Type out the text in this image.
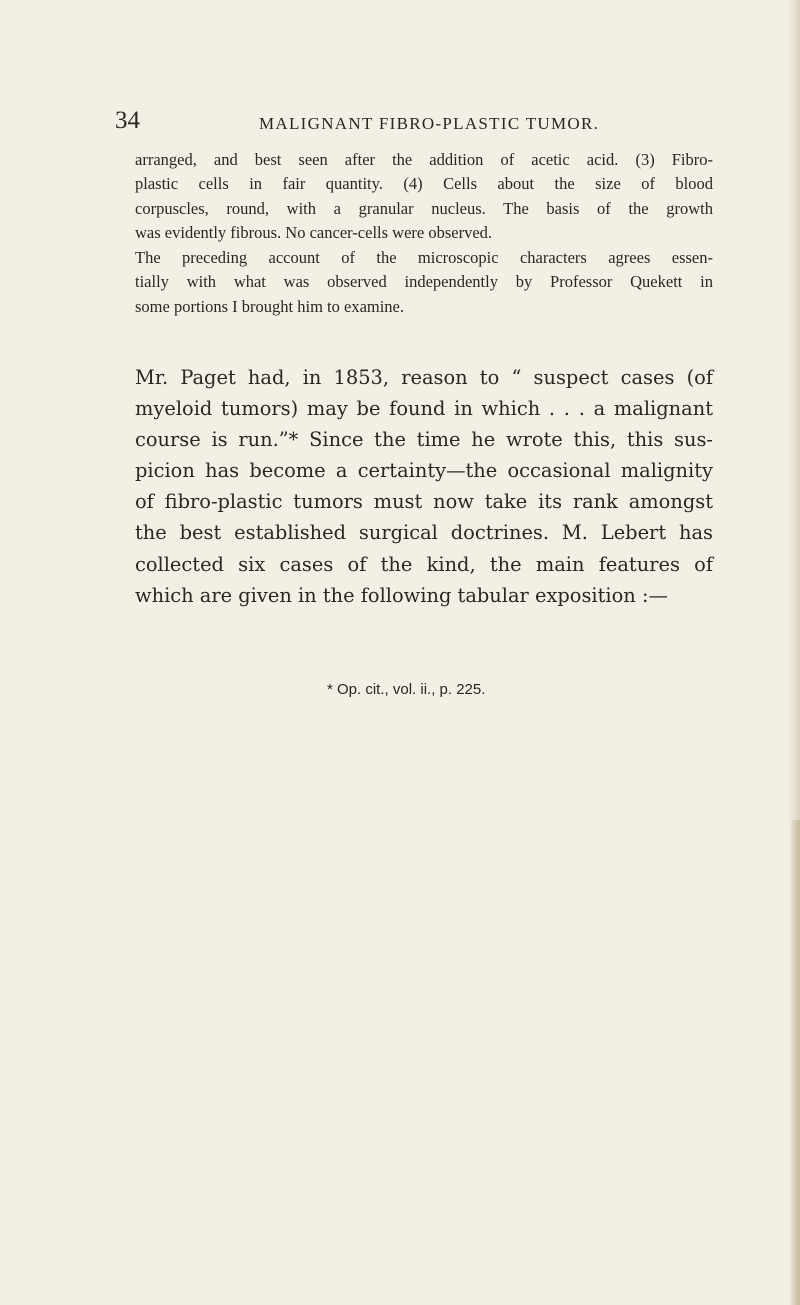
34	MALIGNANT FIBRO-PLASTIC TUMOR.
arranged, and best seen after the addition of acetic acid. (3) Fibro-
plastic cells in fair quantity. (4) Cells about the size of blood
corpuscles, round, with a granular nucleus. The basis of the growth
was evidently fibrous. No cancer-cells were observed.
The preceding account of the microscopic characters agrees essen-
tially with what was observed independently by Professor Quekett in
some portions I brought him to examine.
Mr. Paget had, in 1853, reason to “ suspect cases (of
myeloid tumors) may be found in which . . . a malignant
course is run.”* Since the time he wrote this, this sus-
picion has become a certainty—the occasional malignity
of fibro-plastic tumors must now take its rank amongst
the best established surgical doctrines. M. Lebert has
collected six cases of the kind, the main features of
which are given in the following tabular exposition :—
* Op. cit., vol. ii., p. 225.
